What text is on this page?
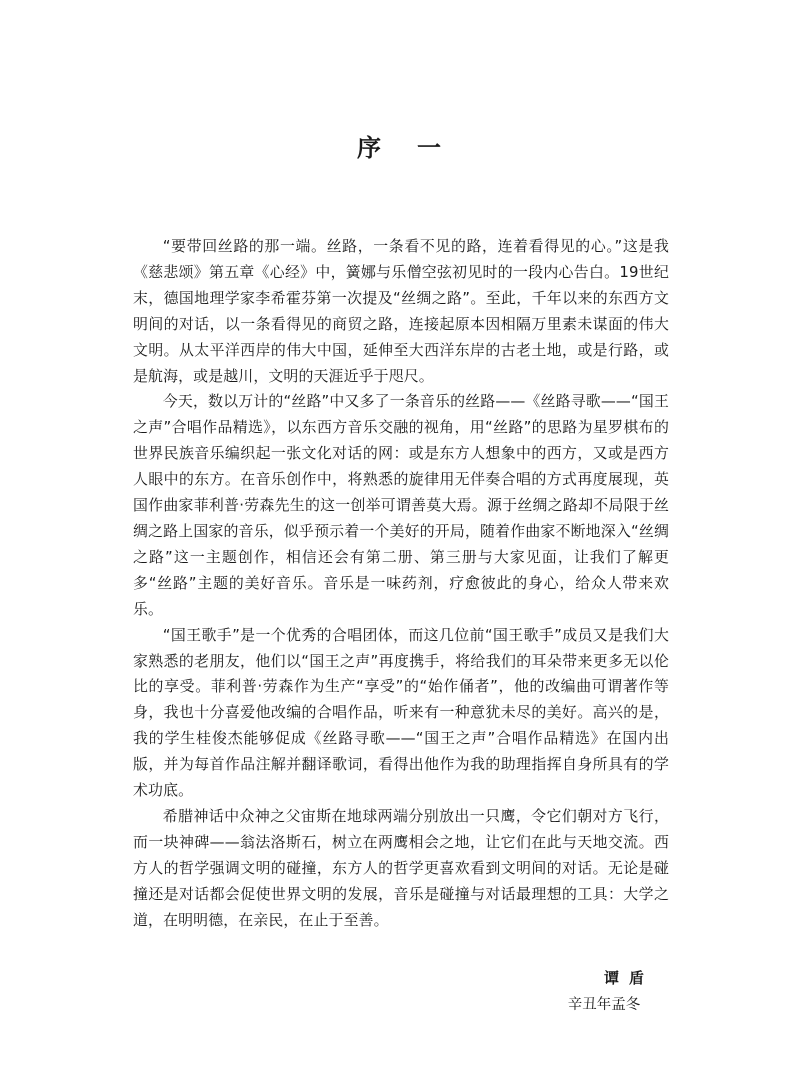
序 一

“要带回丝路的那一端。丝路，一条看不见的路，连着看得见的心。”这是我《慈悲颂》第五章《心经》中，簧娜与乐僧空弦初见时的一段内心告白。19世纪末，德国地理学家李希霍芬第一次提及“丝绸之路”。至此，千年以来的东西方文明间的对话，以一条看得见的商贸之路，连接起原本因相隔万里素未谋面的伟大文明。从太平洋西岸的伟大中国，延伸至大西洋东岸的古老土地，或是行路，或是航海，或是越川，文明的天涯近乎于咫尺。

今天，数以万计的“丝路”中又多了一条音乐的丝路——《丝路寻歌——“国王之声”合唱作品精选》，以东西方音乐交融的视角，用“丝路”的思路为星罗棋布的世界民族音乐编织起一张文化对话的网：或是东方人想象中的西方，又或是西方人眼中的东方。在音乐创作中，将熟悉的旋律用无伴奏合唱的方式再度展现，英国作曲家菲利普·劳森先生的这一创举可谓善莫大焉。源于丝绸之路却不局限于丝绸之路上国家的音乐，似乎预示着一个美好的开局，随着作曲家不断地深入“丝绸之路”这一主题创作，相信还会有第二册、第三册与大家见面，让我们了解更多“丝路”主题的美好音乐。音乐是一味药剂，疗愈彼此的身心，给众人带来欢乐。

“国王歌手”是一个优秀的合唱团体，而这几位前“国王歌手”成员又是我们大家熟悉的老朋友，他们以“国王之声”再度携手，将给我们的耳朵带来更多无以伦比的享受。菲利普·劳森作为生产“享受”的“始作俑者”，他的改编曲可谓著作等身，我也十分喜爱他改编的合唱作品，听来有一种意犹未尽的美好。高兴的是，我的学生桂俊杰能够促成《丝路寻歌——“国王之声”合唱作品精选》在国内出版，并为每首作品注解并翻译歌词，看得出他作为我的助理指挥自身所具有的学术功底。

希腊神话中众神之父宙斯在地球两端分别放出一只鹰，令它们朝对方飞行，而一块神碑——翁法洛斯石，树立在两鹰相会之地，让它们在此与天地交流。西方人的哲学强调文明的碰撞，东方人的哲学更喜欢看到文明间的对话。无论是碰撞还是对话都会促使世界文明的发展，音乐是碰撞与对话最理想的工具：大学之道，在明明德，在亲民，在止于至善。

谭盾
辛丑年孟冬
